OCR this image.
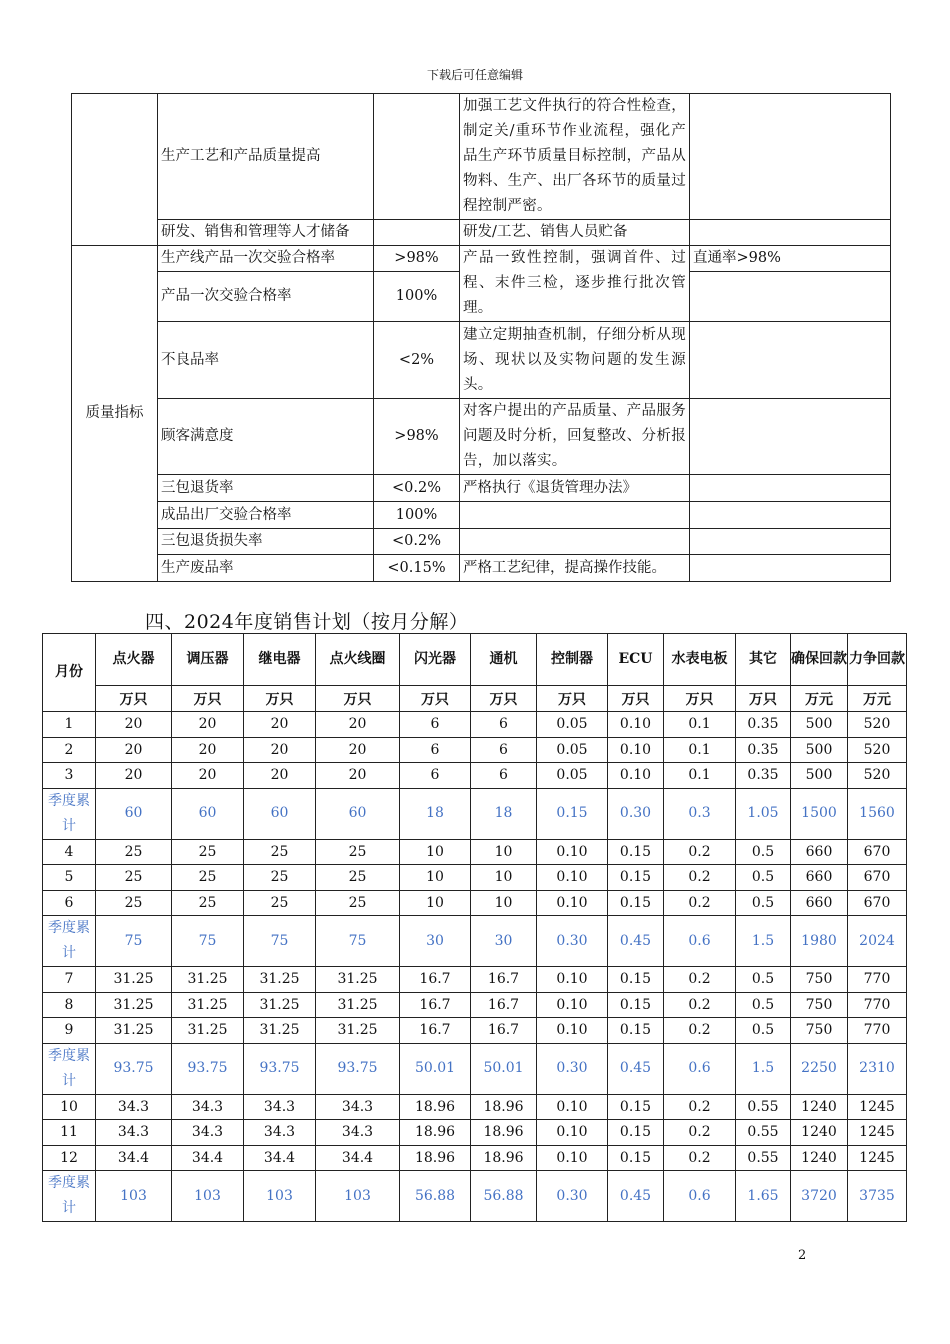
下载后可任意编辑
	生产工艺和产品质量提高		加强工艺文件执行的符合性检查，制定关/重环节作业流程，强化产品生产环节质量目标控制，产品从物料、生产、出厂各环节的质量过程控制严密。	
	研发、销售和管理等人才储备		研发/工艺、销售人员贮备	
质量指标	生产线产品一次交验合格率	>98%	产品一致性控制，强调首件、过程、末件三检，逐步推行批次管理。	直通率>98%
	产品一次交验合格率	100%		
	不良品率	<2%	建立定期抽查机制，仔细分析从现场、现状以及实物问题的发生源头。	
	顾客满意度	>98%	对客户提出的产品质量、产品服务问题及时分析，回复整改、分析报告，加以落实。	
	三包退货率	<0.2%	严格执行《退货管理办法》	
	成品出厂交验合格率	100%		
	三包退货损失率	<0.2%		
	生产废品率	<0.15%	严格工艺纪律，提高操作技能。	
四、2024年度销售计划（按月分解）
月份	点火器	调压器	继电器	点火线圈	闪光器	通机	控制器	ECU	水表电板	其它	确保回款	力争回款
	万只	万只	万只	万只	万只	万只	万只	万只	万只	万只	万元	万元
1	20	20	20	20	6	6	0.05	0.10	0.1	0.35	500	520
2	20	20	20	20	6	6	0.05	0.10	0.1	0.35	500	520
3	20	20	20	20	6	6	0.05	0.10	0.1	0.35	500	520
季度累计	60	60	60	60	18	18	0.15	0.30	0.3	1.05	1500	1560
4	25	25	25	25	10	10	0.10	0.15	0.2	0.5	660	670
5	25	25	25	25	10	10	0.10	0.15	0.2	0.5	660	670
6	25	25	25	25	10	10	0.10	0.15	0.2	0.5	660	670
季度累计	75	75	75	75	30	30	0.30	0.45	0.6	1.5	1980	2024
7	31.25	31.25	31.25	31.25	16.7	16.7	0.10	0.15	0.2	0.5	750	770
8	31.25	31.25	31.25	31.25	16.7	16.7	0.10	0.15	0.2	0.5	750	770
9	31.25	31.25	31.25	31.25	16.7	16.7	0.10	0.15	0.2	0.5	750	770
季度累计	93.75	93.75	93.75	93.75	50.01	50.01	0.30	0.45	0.6	1.5	2250	2310
10	34.3	34.3	34.3	34.3	18.96	18.96	0.10	0.15	0.2	0.55	1240	1245
11	34.3	34.3	34.3	34.3	18.96	18.96	0.10	0.15	0.2	0.55	1240	1245
12	34.4	34.4	34.4	34.4	18.96	18.96	0.10	0.15	0.2	0.55	1240	1245
季度累计	103	103	103	103	56.88	56.88	0.30	0.45	0.6	1.65	3720	3735
2
